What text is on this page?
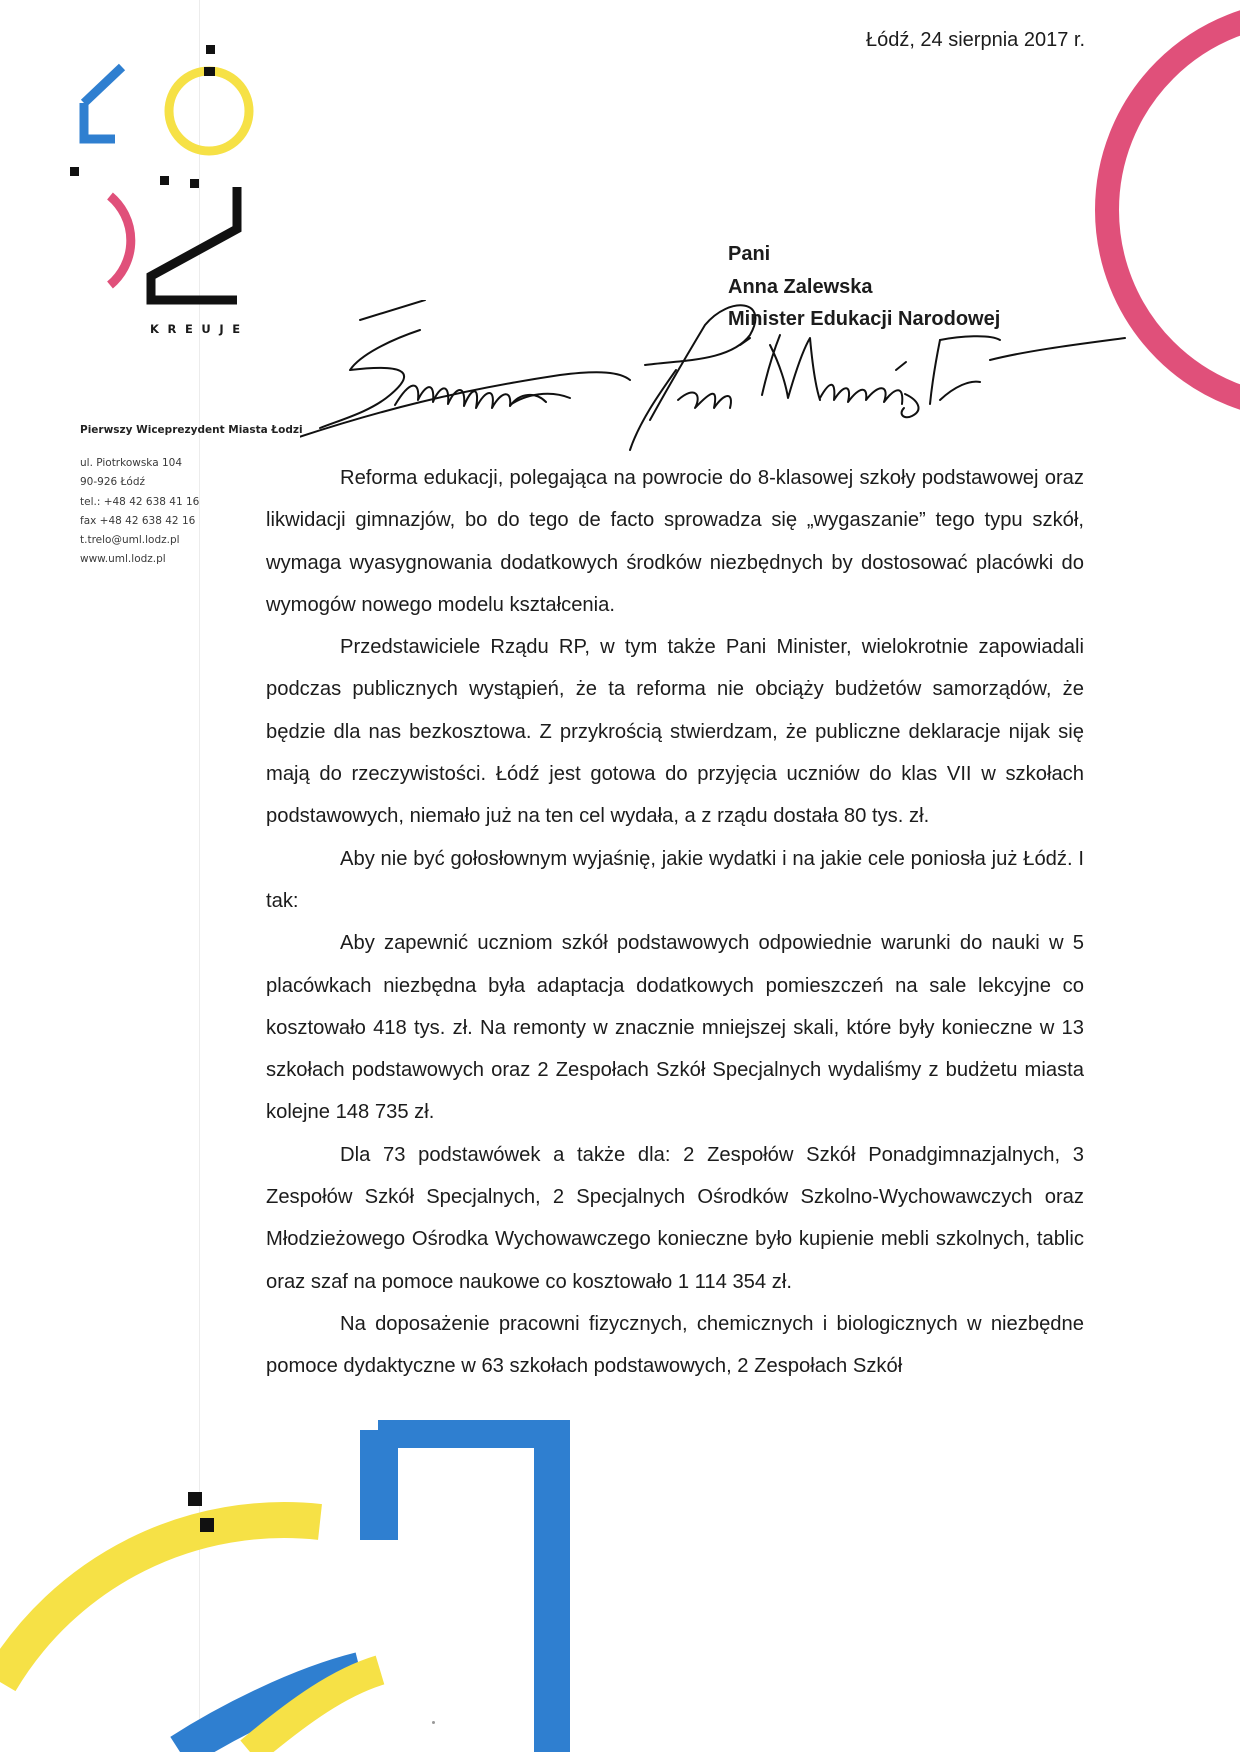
KREUJE

Pierwszy Wiceprezydent Miasta Łodzi

ul. Piotrkowska 104

90-926 Łódź

tel.: +48 42 638 41 16

fax +48 42 638 42 16

t.trelo@uml.lodz.pl

www.uml.lodz.pl

Łódź, 24 sierpnia 2017 r.

Pani

Anna Zalewska

Minister Edukacji Narodowej

Reforma edukacji, polegająca na powrocie do 8-klasowej szkoły podstawowej oraz likwidacji gimnazjów, bo do tego de facto sprowadza się „wygaszanie” tego typu szkół, wymaga wyasygnowania dodatkowych środków niezbędnych by dostosować placówki do wymogów nowego modelu kształcenia.

Przedstawiciele Rządu RP, w tym także Pani Minister, wielokrotnie zapowiadali podczas publicznych wystąpień, że ta reforma nie obciąży budżetów samorządów, że będzie dla nas bezkosztowa. Z przykrością stwierdzam, że publiczne deklaracje nijak się mają do rzeczywistości. Łódź jest gotowa do przyjęcia uczniów do klas VII w szkołach podstawowych, niemało już na ten cel wydała, a z rządu dostała 80 tys. zł.

Aby nie być gołosłownym wyjaśnię, jakie wydatki i na jakie cele poniosła już Łódź. I tak:

Aby zapewnić uczniom szkół podstawowych odpowiednie warunki do nauki w 5 placówkach niezbędna była adaptacja dodatkowych pomieszczeń na sale lekcyjne co kosztowało 418 tys. zł. Na remonty w znacznie mniejszej skali, które były konieczne w 13 szkołach podstawowych oraz 2 Zespołach Szkół Specjalnych wydaliśmy z budżetu miasta kolejne 148 735 zł.

Dla 73 podstawówek a także dla: 2 Zespołów Szkół Ponadgimnazjalnych, 3 Zespołów Szkół Specjalnych, 2 Specjalnych Ośrodków Szkolno-Wychowawczych oraz Młodzieżowego Ośrodka Wychowawczego konieczne było kupienie mebli szkolnych, tablic oraz szaf na pomoce naukowe co kosztowało 1 114 354 zł.

Na doposażenie pracowni fizycznych, chemicznych i biologicznych w niezbędne pomoce dydaktyczne w 63 szkołach podstawowych, 2 Zespołach Szkół
